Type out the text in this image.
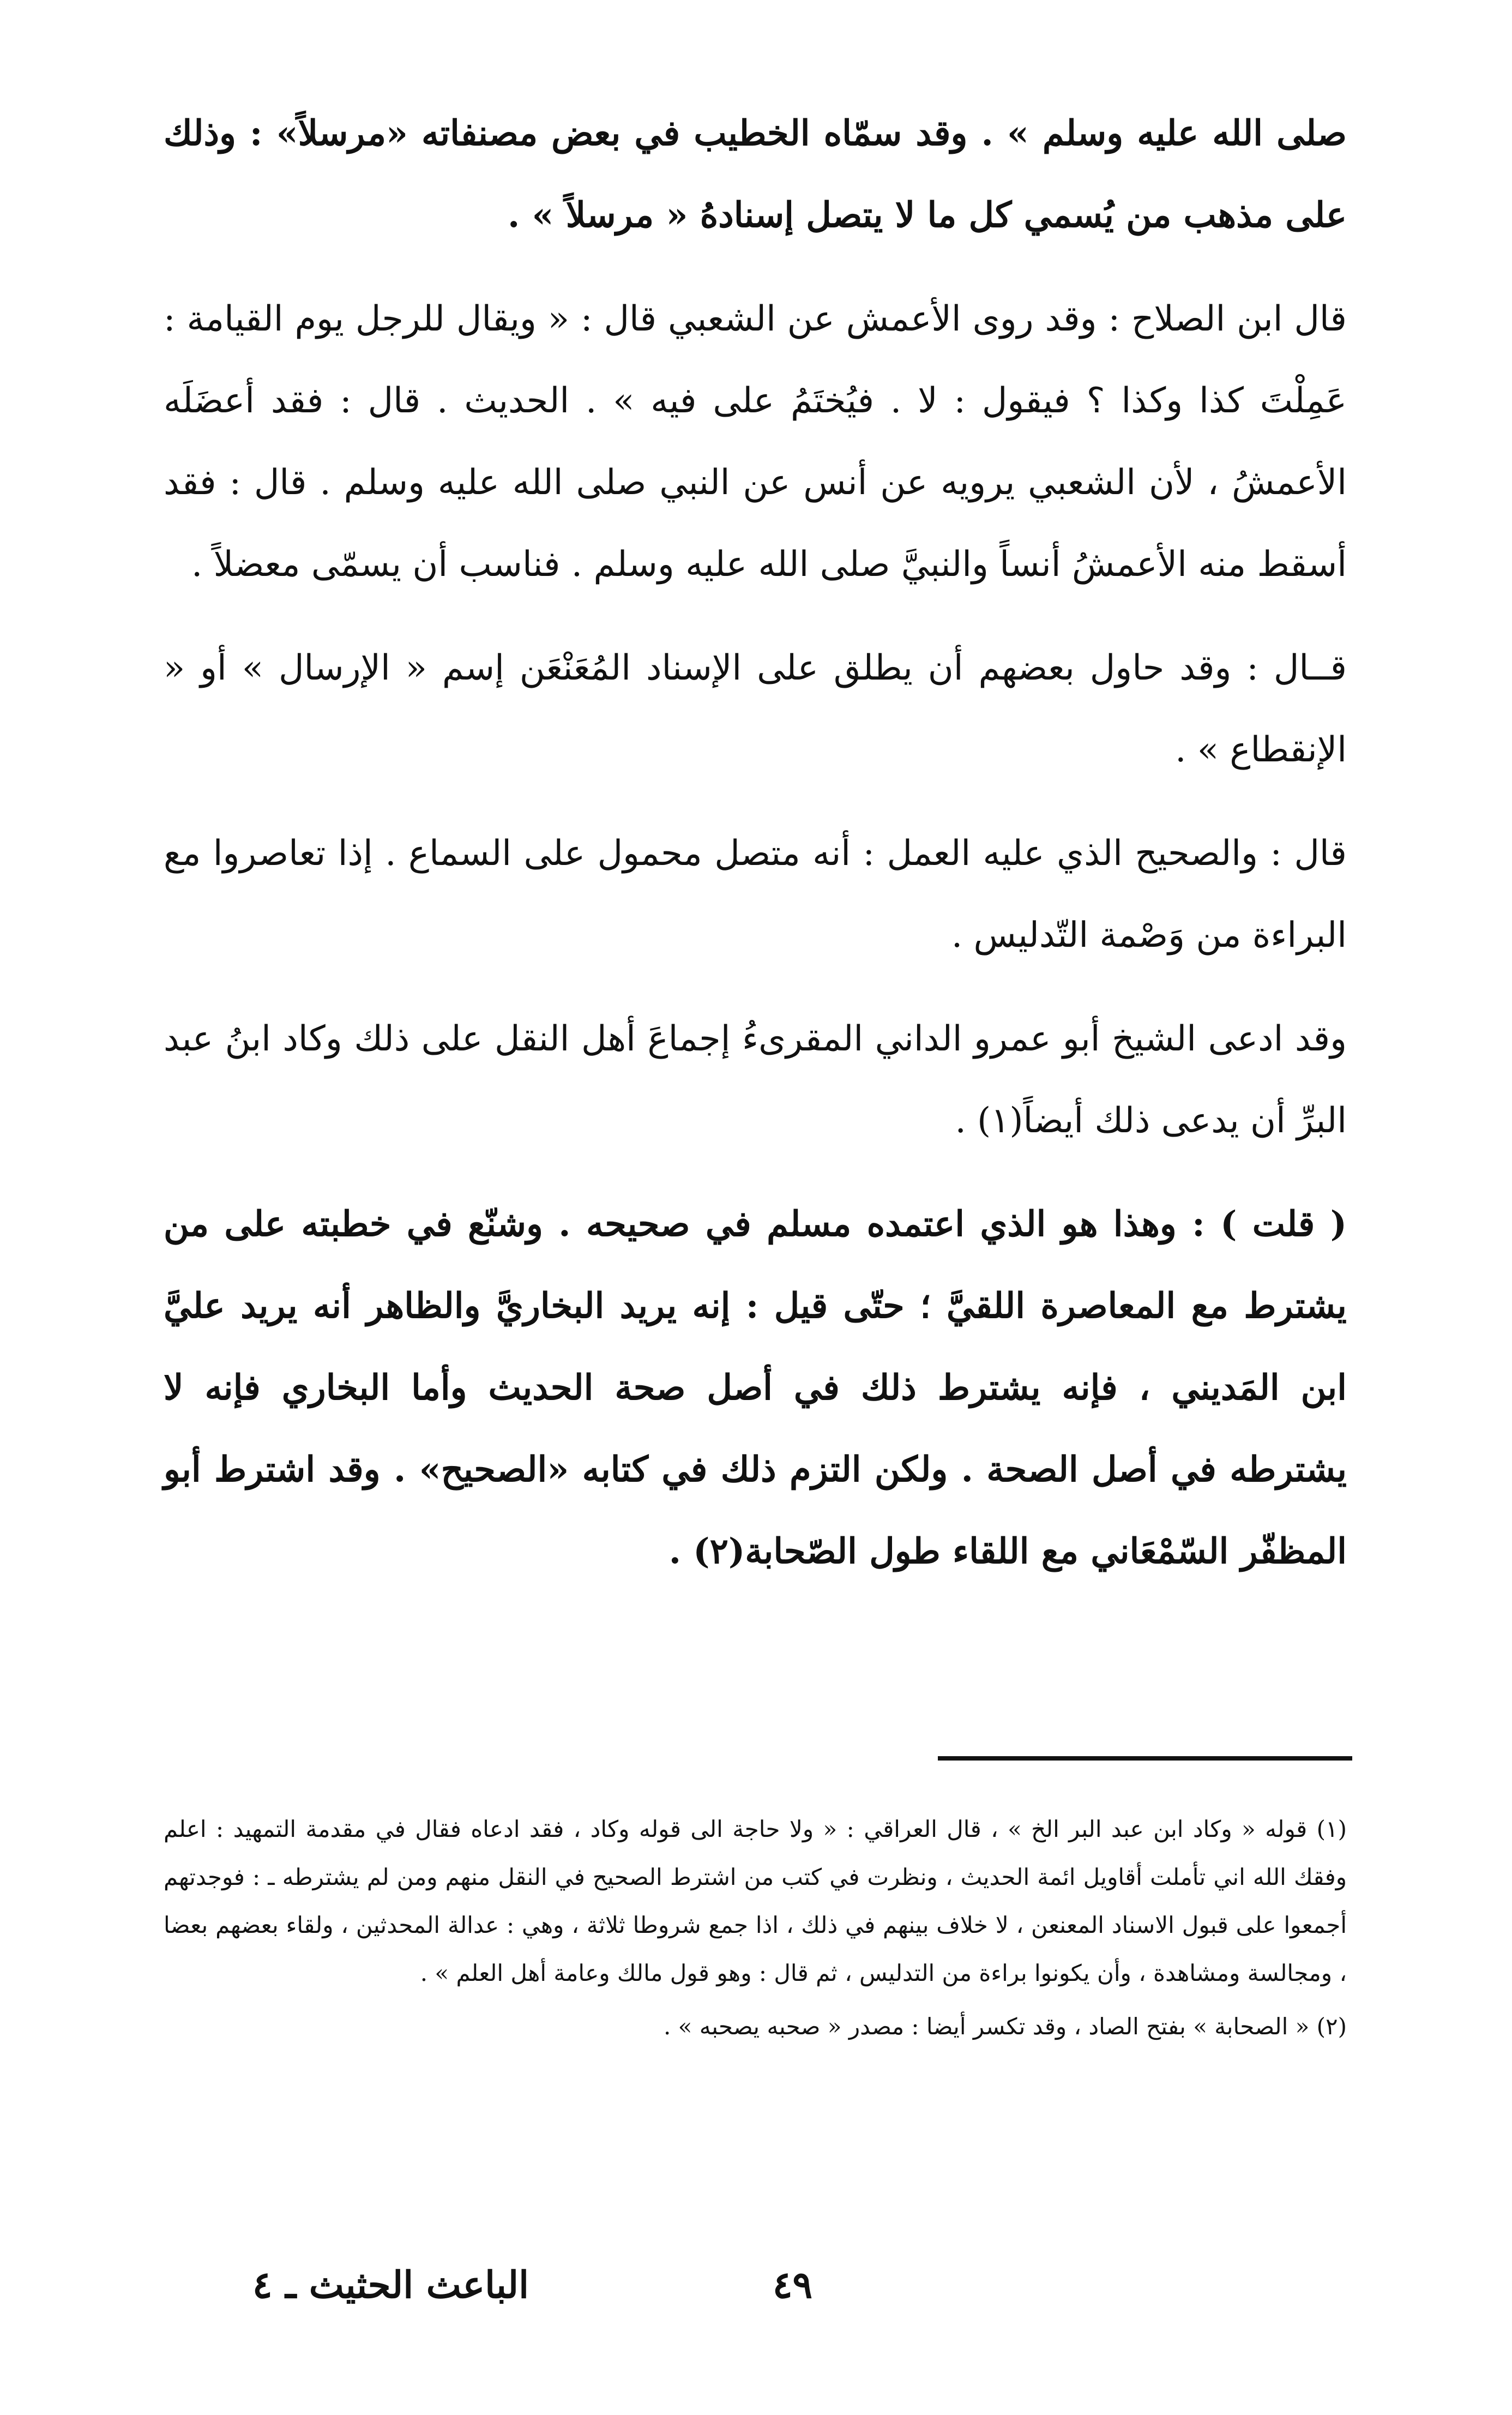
صلى الله عليه وسلم » . وقد سمّاه الخطيب في بعض مصنفاته «مرسلاً» : وذلك على مذهب من يُسمي كل ما لا يتصل إسنادهُ « مرسلاً » .

قال ابن الصلاح : وقد روى الأعمش عن الشعبي قال : « ويقال للرجل يوم القيامة : عَمِلْتَ كذا وكذا ؟ فيقول : لا . فيُختَمُ على فيه » . الحديث . قال : فقد أعضَلَه الأعمشُ ، لأن الشعبي يرويه عن أنس عن النبي صلى الله عليه وسلم . قال : فقد أسقط منه الأعمشُ أنساً والنبيَّ صلى الله عليه وسلم . فناسب أن يسمّى معضلاً .

قــال : وقد حاول بعضهم أن يطلق على الإسناد المُعَنْعَن إسم « الإرسال » أو « الإنقطاع » .

قال : والصحيح الذي عليه العمل : أنه متصل محمول على السماع . إذا تعاصروا مع البراءة من وَصْمة التّدليس .

وقد ادعى الشيخ أبو عمرو الداني المقرىءُ إجماعَ أهل النقل على ذلك وكاد ابنُ عبد البرِّ أن يدعى ذلك أيضاً(١) .

( قلت ) : وهذا هو الذي اعتمده مسلم في صحيحه . وشنّع في خطبته على من يشترط مع المعاصرة اللقيَّ ؛ حتّى قيل : إنه يريد البخاريَّ والظاهر أنه يريد عليَّ ابن المَديني ، فإنه يشترط ذلك في أصل صحة الحديث وأما البخاري فإنه لا يشترطه في أصل الصحة . ولكن التزم ذلك في كتابه «الصحيح» . وقد اشترط أبو المظفّر السّمْعَاني مع اللقاء طول الصّحابة(٢) .

(١) قوله « وكاد ابن عبد البر الخ » ، قال العراقي : « ولا حاجة الى قوله وكاد ، فقد ادعاه فقال في مقدمة التمهيد : اعلم وفقك الله اني تأملت أقاويل ائمة الحديث ، ونظرت في كتب من اشترط الصحيح في النقل منهم ومن لم يشترطه ـ : فوجدتهم أجمعوا على قبول الاسناد المعنعن ، لا خلاف بينهم في ذلك ، اذا جمع شروطا ثلاثة ، وهي : عدالة المحدثين ، ولقاء بعضهم بعضا ، ومجالسة ومشاهدة ، وأن يكونوا براءة من التدليس ، ثم قال : وهو قول مالك وعامة أهل العلم » .

(٢) « الصحابة » بفتح الصاد ، وقد تكسر أيضا : مصدر « صحبه يصحبه » .

الباعث الحثيث ـ ٤	٤٩
